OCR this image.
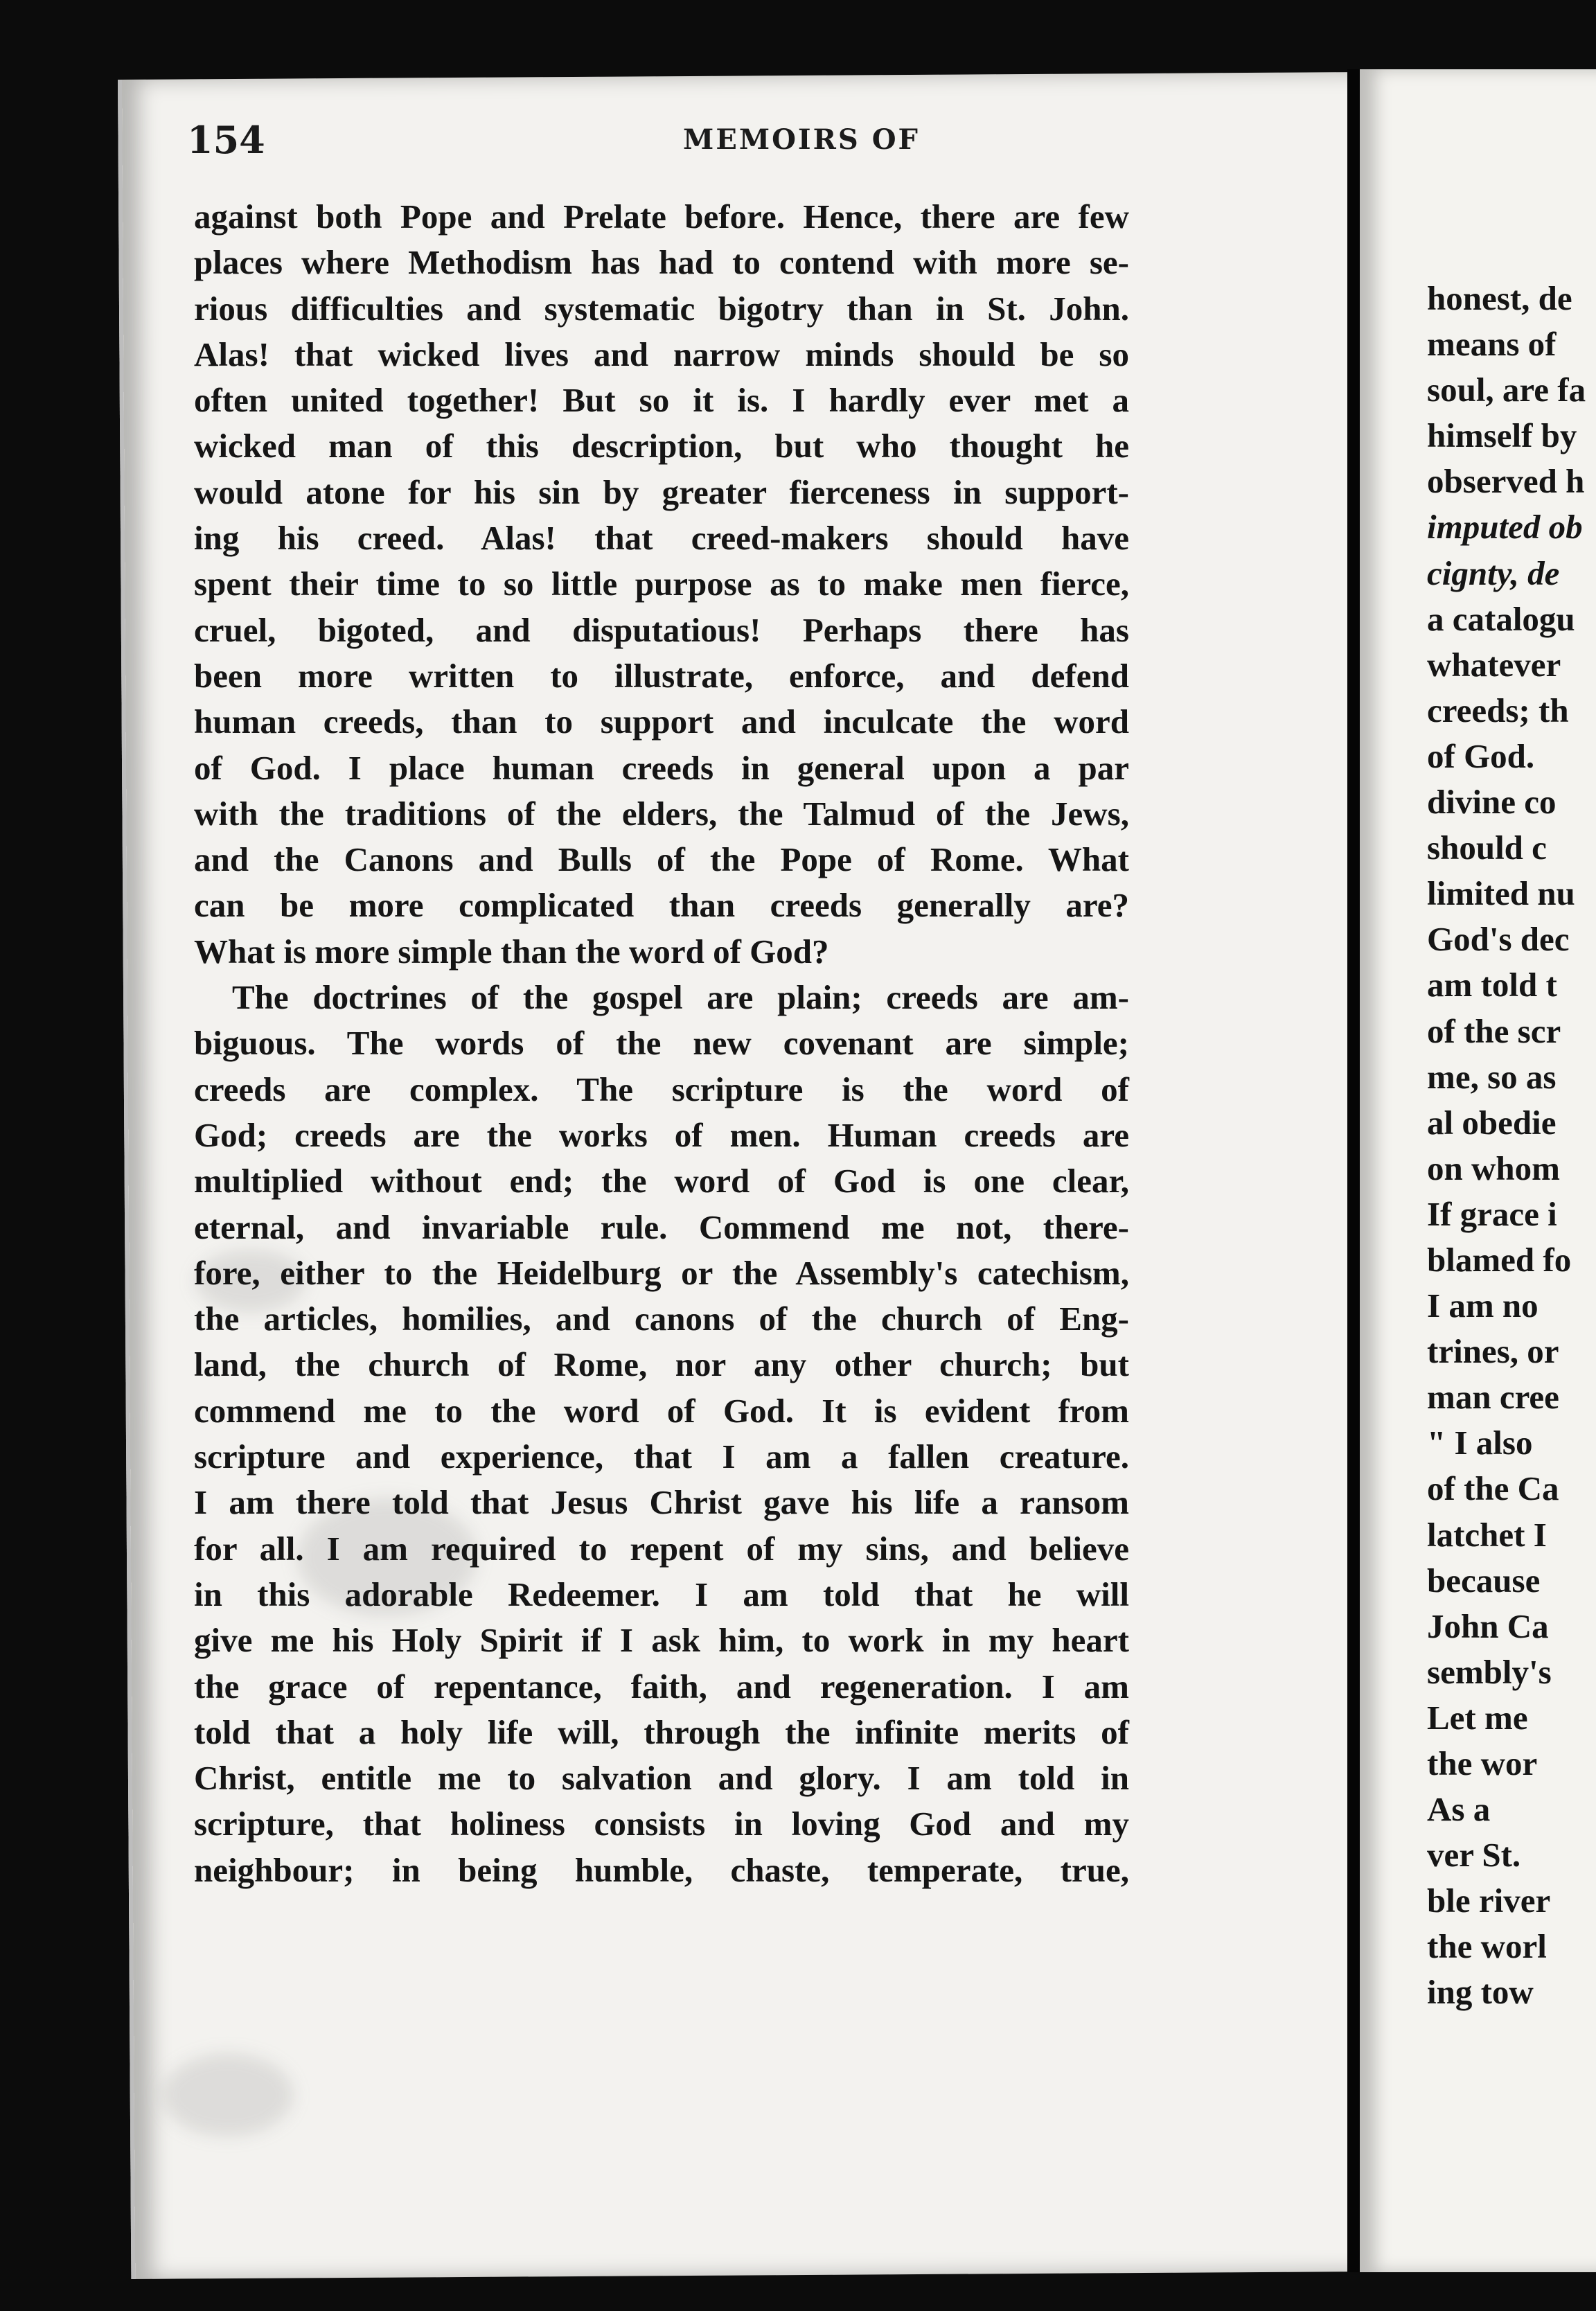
154	MEMOIRS OF
against both Pope and Prelate before. Hence, there are few
places where Methodism has had to contend with more se-
rious difficulties and systematic bigotry than in St. John.
Alas! that wicked lives and narrow minds should be so
often united together! But so it is. I hardly ever met a
wicked man of this description, but who thought he
would atone for his sin by greater fierceness in support-
ing his creed. Alas! that creed-makers should have
spent their time to so little purpose as to make men fierce,
cruel, bigoted, and disputatious! Perhaps there has
been more written to illustrate, enforce, and defend
human creeds, than to support and inculcate the word
of God. I place human creeds in general upon a par
with the traditions of the elders, the Talmud of the Jews,
and the Canons and Bulls of the Pope of Rome. What
can be more complicated than creeds generally are?
What is more simple than the word of God?
The doctrines of the gospel are plain; creeds are am-
biguous. The words of the new covenant are simple;
creeds are complex. The scripture is the word of
God; creeds are the works of men. Human creeds are
multiplied without end; the word of God is one clear,
eternal, and invariable rule. Commend me not, there-
fore, either to the Heidelburg or the Assembly's catechism,
the articles, homilies, and canons of the church of Eng-
land, the church of Rome, nor any other church; but
commend me to the word of God. It is evident from
scripture and experience, that I am a fallen creature.
I am there told that Jesus Christ gave his life a ransom
for all. I am required to repent of my sins, and believe
in this adorable Redeemer. I am told that he will
give me his Holy Spirit if I ask him, to work in my heart
the grace of repentance, faith, and regeneration. I am
told that a holy life will, through the infinite merits of
Christ, entitle me to salvation and glory. I am told in
scripture, that holiness consists in loving God and my
neighbour; in being humble, chaste, temperate, true,
honest, de
means of
soul, are fa
himself by
observed h
imputed ob
cignty, de
a catalogu
whatever
creeds; th
of God.
divine co
should c
limited nu
God's dec
am told t
of the scr
me, so as
al obedie
on whom
If grace i
blamed fo
I am no
trines, or
man cree
" I also
of the Ca
latchet I
because
John Ca
sembly's
Let me
the wor
As a
ver St.
ble river
the worl
ing tow
